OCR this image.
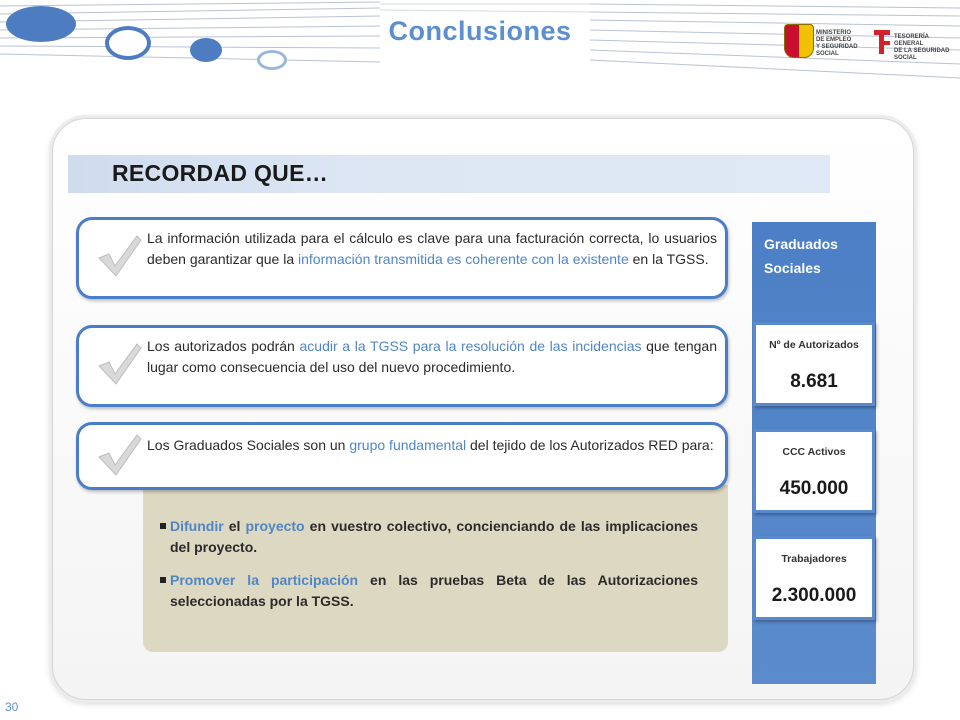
Conclusiones	MINISTERIO
DE EMPLEO
Y SEGURIDAD SOCIAL
TESORERÍA GENERAL
DE LA SEGURIDAD SOCIAL
RECORDAD QUE…
La información utilizada para el cálculo es clave para una facturación correcta, lo usuarios deben garantizar que la información transmitida es coherente con la existente en la TGSS.
Los autorizados podrán acudir a la TGSS para la resolución de las incidencias que tengan lugar como consecuencia del uso del nuevo procedimiento.
Los Graduados Sociales son un grupo fundamental del tejido de los Autorizados RED para:

Difundir el proyecto en vuestro colectivo, concienciando de las implicaciones del proyecto.

Promover la participación en las pruebas Beta de las Autorizaciones seleccionadas por la TGSS.

Graduados
Sociales
Nº de Autorizados
8.681
CCC Activos
450.000
Trabajadores
2.300.000
30
